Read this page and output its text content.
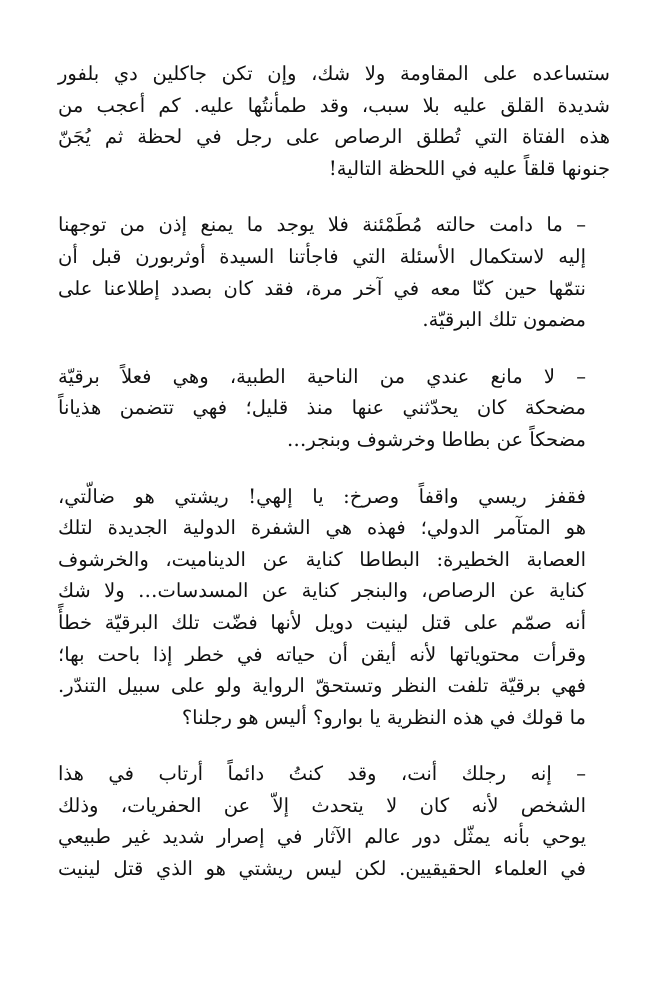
ستساعده على المقاومة ولا شك، وإن تكن جاكلين دي بلفور
شديدة القلق عليه بلا سبب، وقد طمأنتُها عليه. كم أعجب من
هذه الفتاة التي تُطلق الرصاص على رجل في لحظة ثم يُجَنّ
جنونها قلقاً عليه في اللحظة التالية!

– ما دامت حالته مُطَمْئنة فلا يوجد ما يمنع إذن من توجهنا
إليه لاستكمال الأسئلة التي فاجأتنا السيدة أوثربورن قبل أن
نتمّها حين كنّا معه في آخر مرة، فقد كان بصدد إطلاعنا على
مضمون تلك البرقيّة.

– لا مانع عندي من الناحية الطبية، وهي فعلاً برقيّة
مضحكة كان يحدّثني عنها منذ قليل؛ فهي تتضمن هذياناً
مضحكاً عن بطاطا وخرشوف وبنجر…

فقفز ريسي واقفاً وصرخ: يا إلهي! ريشتي هو ضالّتي،
هو المتآمر الدولي؛ فهذه هي الشفرة الدولية الجديدة لتلك
العصابة الخطيرة: البطاطا كناية عن الديناميت، والخرشوف
كناية عن الرصاص، والبنجر كناية عن المسدسات… ولا شك
أنه صمّم على قتل لينيت دويل لأنها فضّت تلك البرقيّة خطأً
وقرأت محتوياتها لأنه أيقن أن حياته في خطر إذا باحت بها؛
فهي برقيّة تلفت النظر وتستحقّ الرواية ولو على سبيل التندّر.
ما قولك في هذه النظرية يا بوارو؟ أليس هو رجلنا؟

– إنه رجلك أنت، وقد كنتُ دائماً أرتاب في هذا
الشخص لأنه كان لا يتحدث إلاّ عن الحفريات، وذلك
يوحي بأنه يمثّل دور عالم الآثار في إصرار شديد غير طبيعي
في العلماء الحقيقيين. لكن ليس ريشتي هو الذي قتل لينيت
